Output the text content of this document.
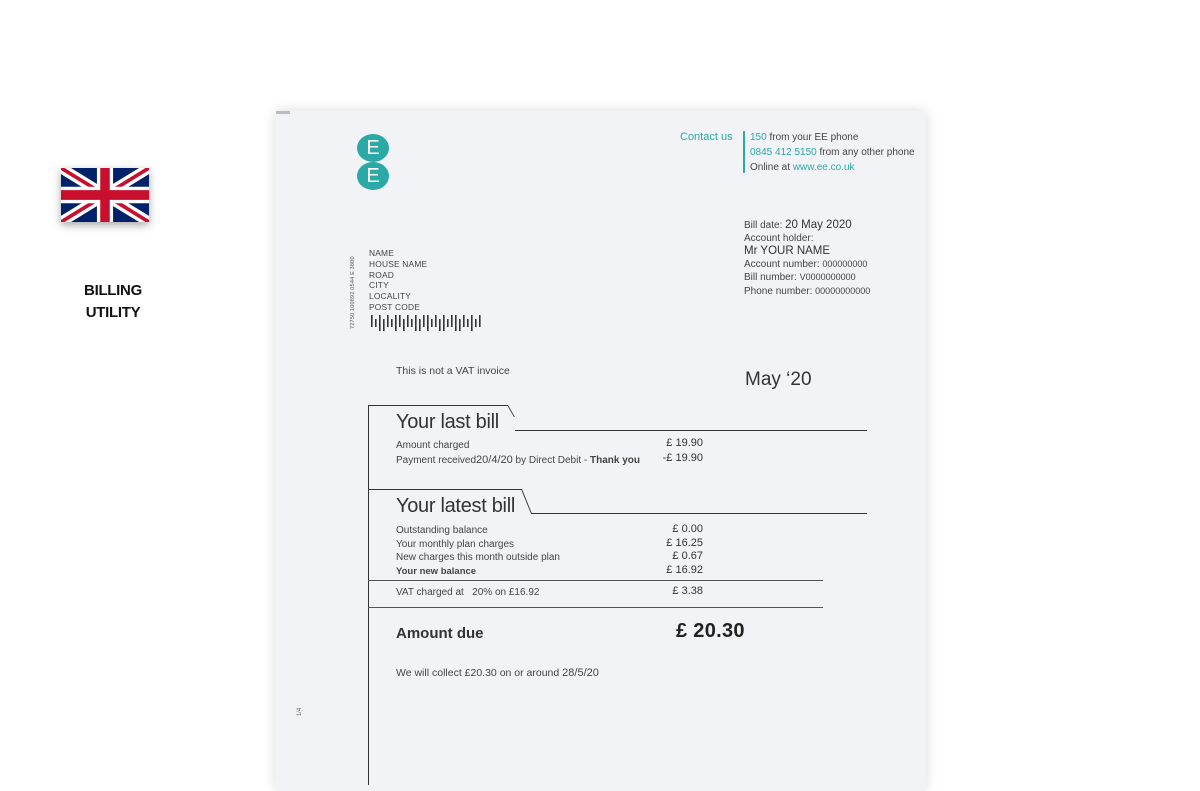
BILLING
UTILITY
E
E
Contact us 150 from your EE phone
0845 412 5150 from any other phone
Online at www.ee.co.uk
72750 100892 0544 E 3800
NAME
HOUSE NAME
ROAD
CITY
LOCALITY
POST CODE
Bill date: 20 May 2020
Account holder:
Mr YOUR NAME
Account number: 000000000
Bill number: V0000000000
Phone number: 00000000000
This is not a VAT invoice	May ‘20
Your last bill
Amount charged	£ 19.90
Payment received20/4/20 by Direct Debit - Thank you	-£ 19.90
Your latest bill
Outstanding balance	£ 0.00
Your monthly plan charges	£ 16.25
New charges this month outside plan	£ 0.67
Your new balance	£ 16.92
VAT charged at 20% on £16.92	£ 3.38
Amount due	£ 20.30
We will collect £20.30 on or around 28/5/20
1/4
